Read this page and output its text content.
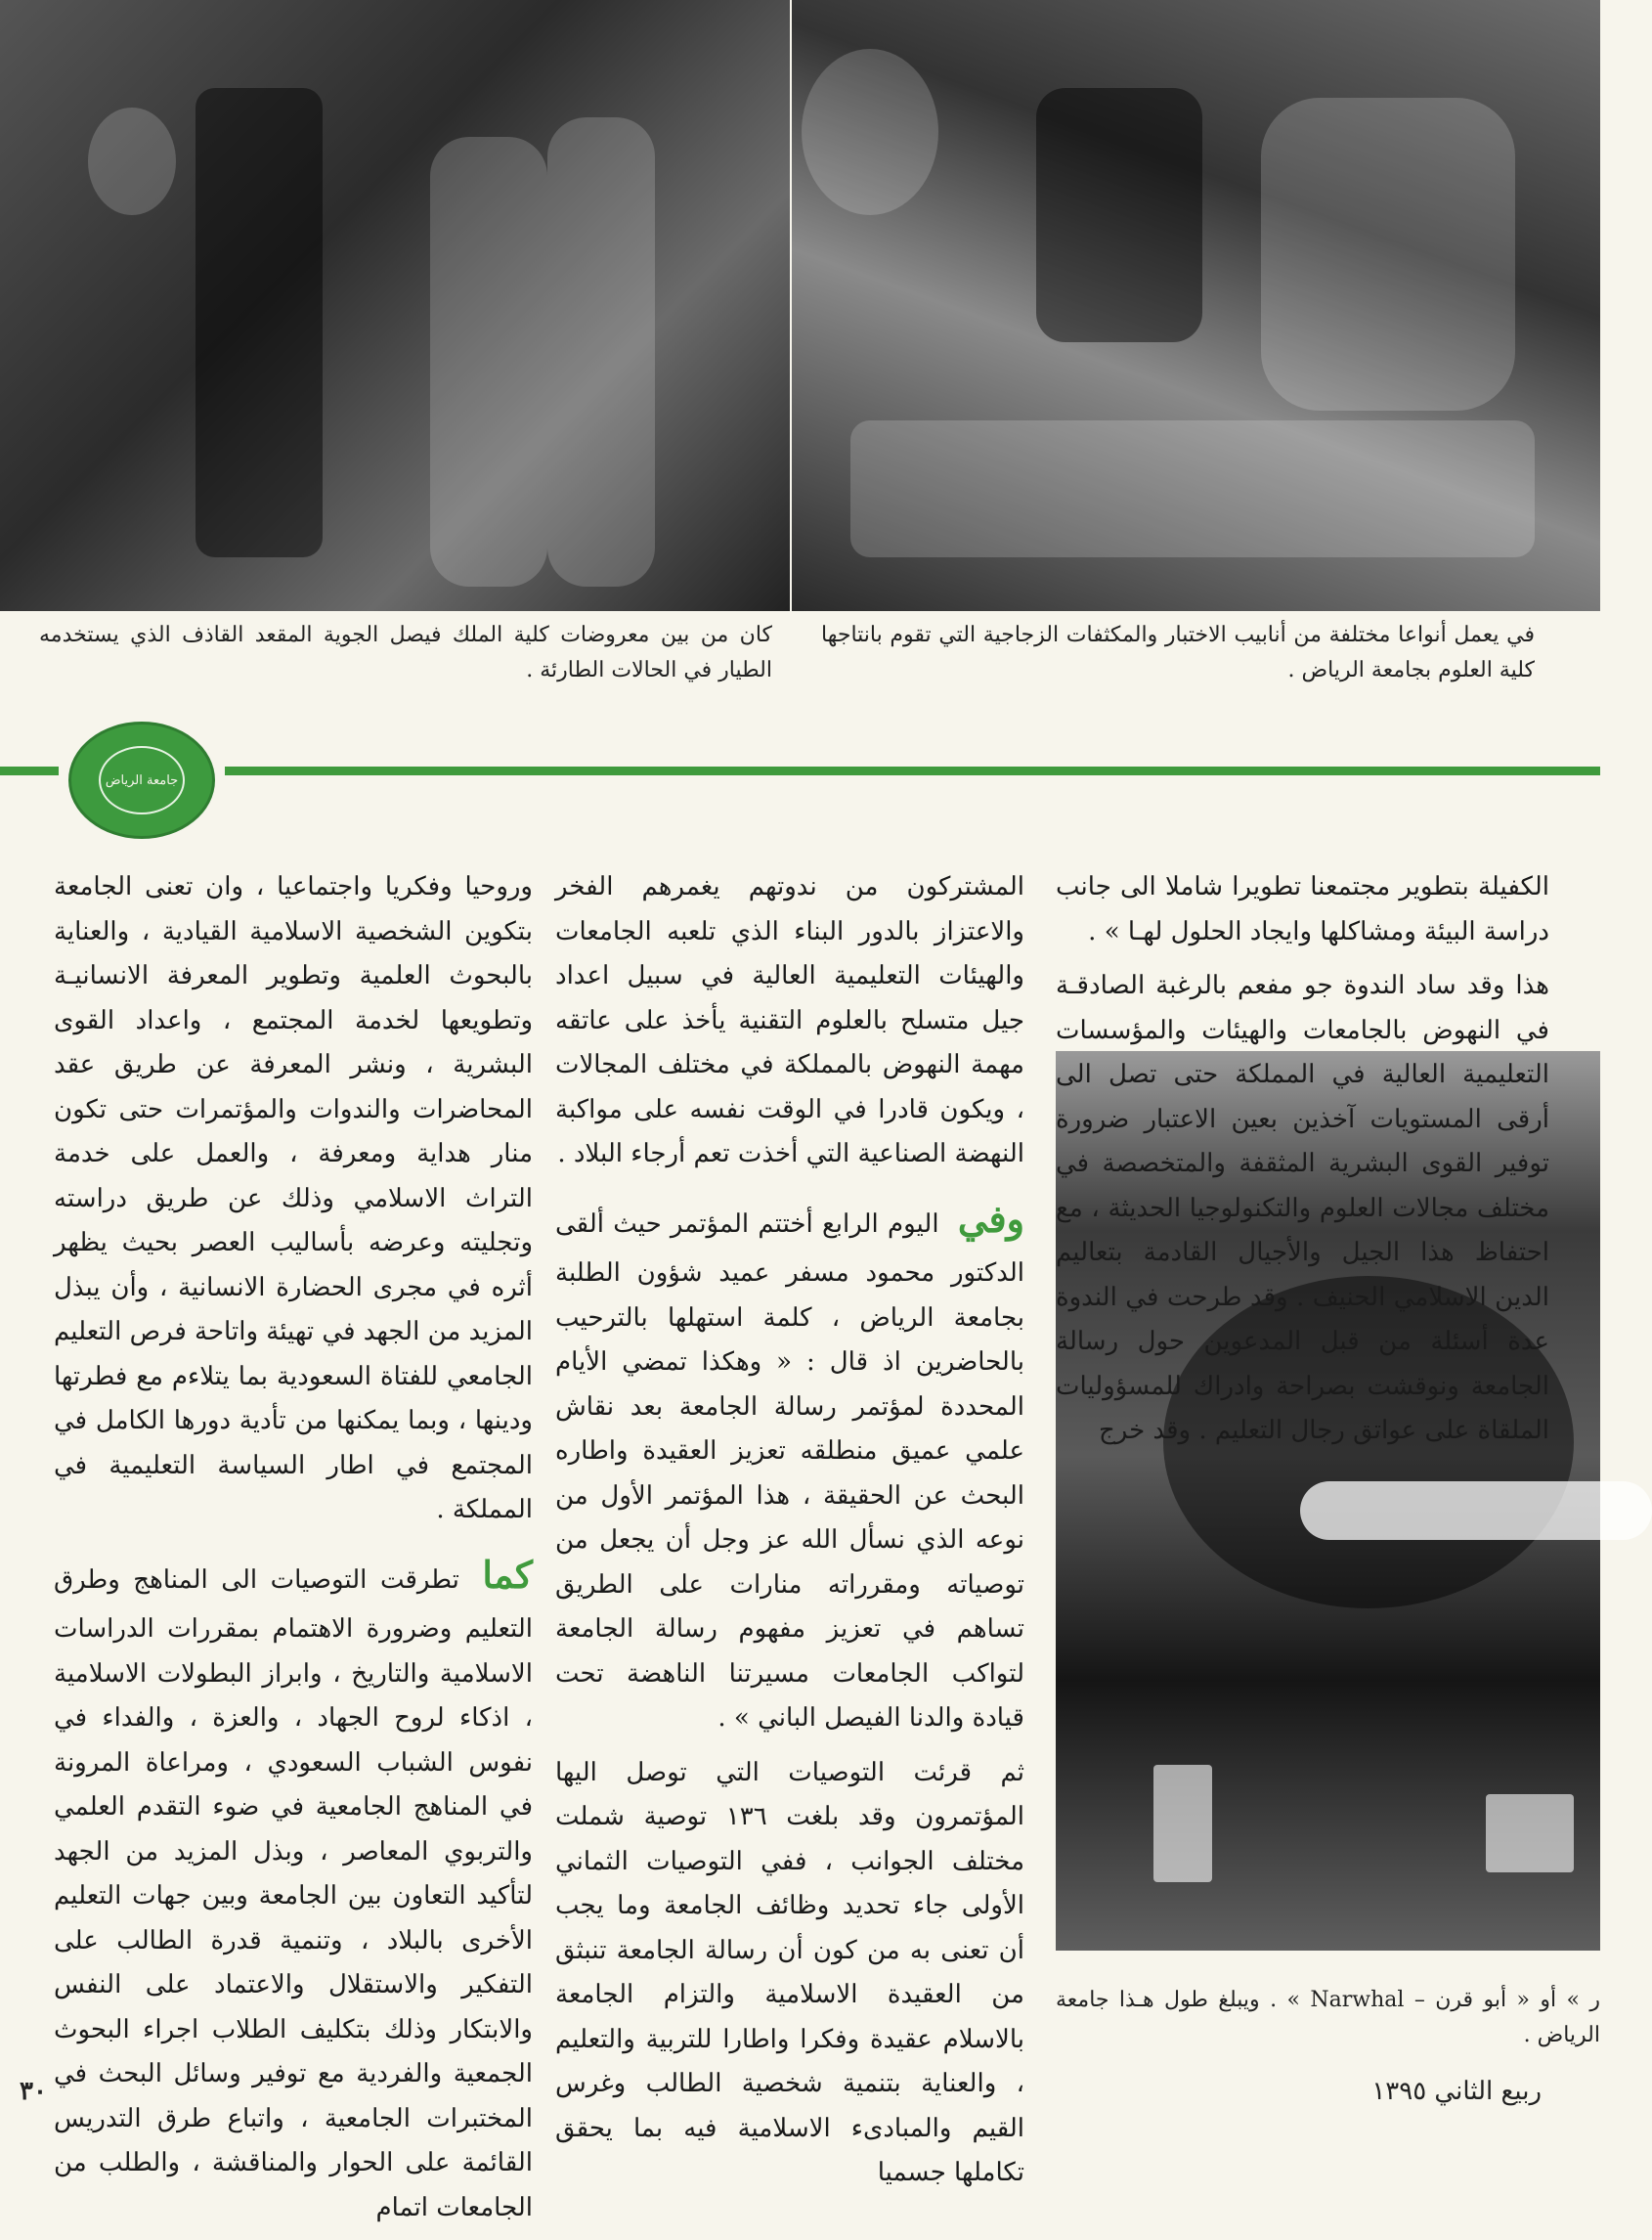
كان من بين معروضات كلية الملك فيصل الجوية المقعد القاذف الذي يستخدمه الطيار في الحالات الطارئة .
في يعمل أنواعا مختلفة من أنابيب الاختبار والمكثفات الزجاجية التي تقوم بانتاجها كلية العلوم بجامعة الرياض .
ر » أو « أبو قرن – Narwhal » . ويبلغ طول هـذا جامعة الرياض .
جامعة الرياض

الكفيلة بتطوير مجتمعنا تطويرا شاملا الى جانب دراسة البيئة ومشاكلها وايجاد الحلول لهـا » .

هذا وقد ساد الندوة جو مفعم بالرغبة الصادقـة في النهوض بالجامعات والهيئات والمؤسسات التعليمية العالية في المملكة حتى تصل الى أرقى المستويات آخذين بعين الاعتبار ضرورة توفير القوى البشرية المثقفة والمتخصصة في مختلف مجالات العلوم والتكنولوجيا الحديثة ، مع احتفاظ هذا الجيل والأجيال القادمة بتعاليم الدين الاسلامي الحنيف . وقد طرحت في الندوة عدة أسئلة من قبل المدعوين حول رسالة الجامعة ونوقشت بصراحة وادراك للمسؤوليات الملقاة على عواتق رجال التعليم . وقد خرج

المشتركون من ندوتهم يغمرهم الفخر والاعتزاز بالدور البناء الذي تلعبه الجامعات والهيئات التعليمية العالية في سبيل اعداد جيل متسلح بالعلوم التقنية يأخذ على عاتقه مهمة النهوض بالمملكة في مختلف المجالات ، ويكون قادرا في الوقت نفسه على مواكبة النهضة الصناعية التي أخذت تعم أرجاء البلاد .

وفي اليوم الرابع أختتم المؤتمر حيث ألقى الدكتور محمود مسفر عميد شؤون الطلبة بجامعة الرياض ، كلمة استهلها بالترحيب بالحاضرين اذ قال : « وهكذا تمضي الأيام المحددة لمؤتمر رسالة الجامعة بعد نقاش علمي عميق منطلقه تعزيز العقيدة واطاره البحث عن الحقيقة ، هذا المؤتمر الأول من نوعه الذي نسأل الله عز وجل أن يجعل من توصياته ومقرراته منارات على الطريق تساهم في تعزيز مفهوم رسالة الجامعة لتواكب الجامعات مسيرتنا الناهضة تحت قيادة والدنا الفيصل الباني » .

ثم قرئت التوصيات التي توصل اليها المؤتمرون وقد بلغت ١٣٦ توصية شملت مختلف الجوانب ، ففي التوصيات الثماني الأولى جاء تحديد وظائف الجامعة وما يجب أن تعنى به من كون أن رسالة الجامعة تنبثق من العقيدة الاسلامية والتزام الجامعة بالاسلام عقيدة وفكرا واطارا للتربية والتعليم ، والعناية بتنمية شخصية الطالب وغرس القيم والمبادىء الاسلامية فيه بما يحقق تكاملها جسميا

وروحيا وفكريا واجتماعيا ، وان تعنى الجامعة بتكوين الشخصية الاسلامية القيادية ، والعناية بالبحوث العلمية وتطوير المعرفة الانسانيـة وتطويعها لخدمة المجتمع ، واعداد القوى البشرية ، ونشر المعرفة عن طريق عقد المحاضرات والندوات والمؤتمرات حتى تكون منار هداية ومعرفة ، والعمل على خدمة التراث الاسلامي وذلك عن طريق دراسته وتجليته وعرضه بأساليب العصر بحيث يظهر أثره في مجرى الحضارة الانسانية ، وأن يبذل المزيد من الجهد في تهيئة واتاحة فرص التعليم الجامعي للفتاة السعودية بما يتلاءم مع فطرتها ودينها ، وبما يمكنها من تأدية دورها الكامل في المجتمع في اطار السياسة التعليمية في المملكة .

كما تطرقت التوصيات الى المناهج وطرق التعليم وضرورة الاهتمام بمقررات الدراسات الاسلامية والتاريخ ، وابراز البطولات الاسلامية ، اذكاء لروح الجهاد ، والعزة ، والفداء في نفوس الشباب السعودي ، ومراعاة المرونة في المناهج الجامعية في ضوء التقدم العلمي والتربوي المعاصر ، وبذل المزيد من الجهد لتأكيد التعاون بين الجامعة وبين جهات التعليم الأخرى بالبلاد ، وتنمية قدرة الطالب على التفكير والاستقلال والاعتماد على النفس والابتكار وذلك بتكليف الطلاب اجراء البحوث الجمعية والفردية مع توفير وسائل البحث في المختبرات الجامعية ، واتباع طرق التدريس القائمة على الحوار والمناقشة ، والطلب من الجامعات اتمام

ربيع الثاني ١٣٩٥
٣٠
